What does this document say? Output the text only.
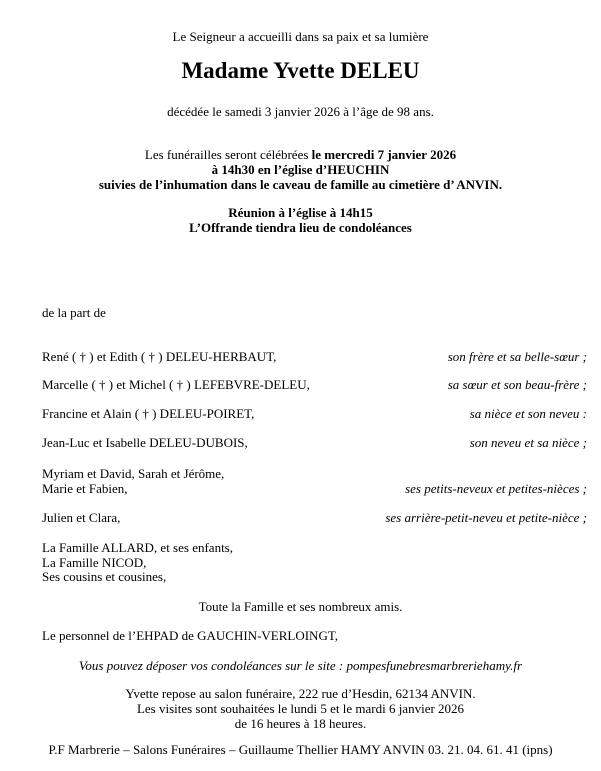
Le Seigneur a accueilli dans sa paix et sa lumière
Madame Yvette DELEU
décédée le samedi 3 janvier 2026 à l’âge de 98 ans.
Les funérailles seront célébrées le mercredi 7 janvier 2026
à 14h30 en l’église d’HEUCHIN
suivies de l’inhumation dans le caveau de famille au cimetière d’ ANVIN.
Réunion à l’église à 14h15
L’Offrande tiendra lieu de condoléances
de la part de
René ( † ) et Edith ( † ) DELEU-HERBAUT,	son frère et sa belle-sœur ;
Marcelle ( † ) et Michel ( † ) LEFEBVRE-DELEU,	sa sœur et son beau-frère ;
Francine et Alain ( † ) DELEU-POIRET,	sa nièce et son neveu :
Jean-Luc et Isabelle DELEU-DUBOIS,	son neveu et sa nièce ;
Myriam et David, Sarah et Jérôme,
Marie et Fabien,	ses petits-neveux et petites-nièces ;
Julien et Clara,	ses arrière-petit-neveu et petite-nièce ;
La Famille ALLARD, et ses enfants,
La Famille NICOD,
Ses cousins et cousines,
Toute la Famille et ses nombreux amis.
Le personnel de l’EHPAD de GAUCHIN-VERLOINGT,
Vous pouvez déposer vos condoléances sur le site : pompesfunebresmarbreriehamy.fr
Yvette repose au salon funéraire, 222 rue d’Hesdin, 62134 ANVIN.
Les visites sont souhaitées le lundi 5 et le mardi 6 janvier 2026
de 16 heures à 18 heures.
P.F Marbrerie – Salons Funéraires – Guillaume Thellier HAMY ANVIN 03. 21. 04. 61. 41 (ipns)
